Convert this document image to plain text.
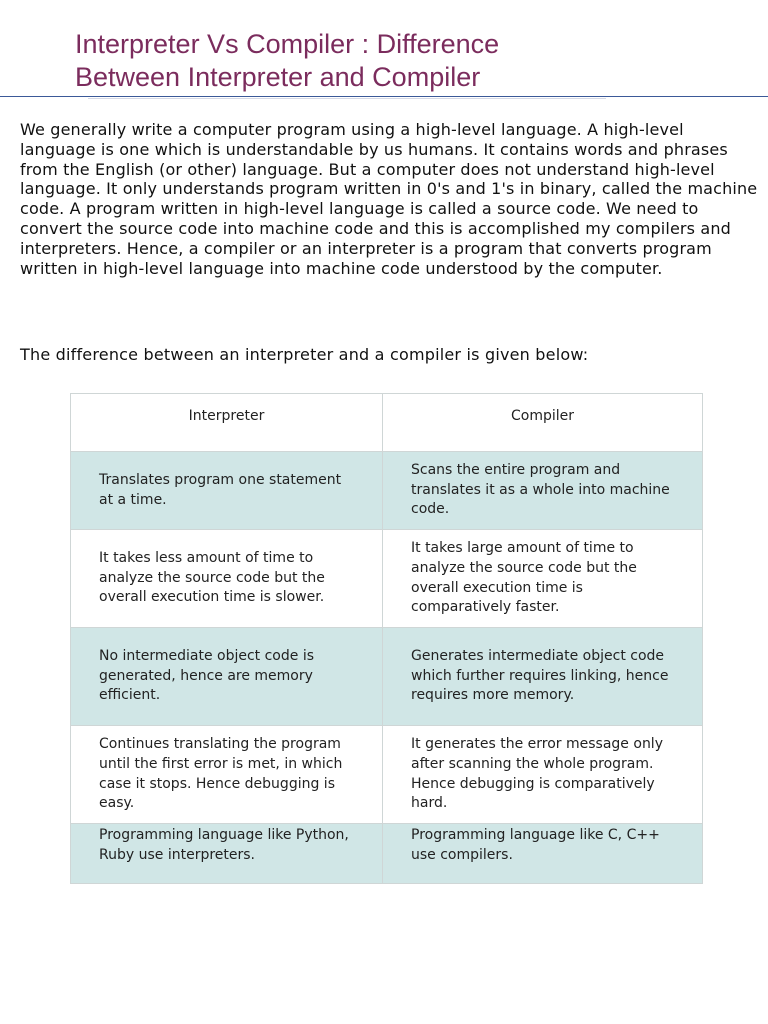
Interpreter Vs Compiler : Difference
Between Interpreter and Compiler

We generally write a computer program using a high-level language. A high-level language is one which is understandable by us humans. It contains words and phrases from the English (or other) language. But a computer does not understand high-level language. It only understands program written in 0's and 1's in binary, called the machine code. A program written in high-level language is called a source code. We need to convert the source code into machine code and this is accomplished my compilers and interpreters. Hence, a compiler or an interpreter is a program that converts program written in high-level language into machine code understood by the computer.

The difference between an interpreter and a compiler is given below:

Interpreter	Compiler
Translates program one statement at a time.	Scans the entire program and translates it as a whole into machine code.
It takes less amount of time to analyze the source code but the overall execution time is slower.	It takes large amount of time to analyze the source code but the overall execution time is comparatively faster.
No intermediate object code is generated, hence are memory efficient.	Generates intermediate object code which further requires linking, hence requires more memory.
Continues translating the program until the first error is met, in which case it stops. Hence debugging is easy.	It generates the error message only after scanning the whole program. Hence debugging is comparatively hard.
Programming language like Python, Ruby use interpreters.	Programming language like C, C++ use compilers.
